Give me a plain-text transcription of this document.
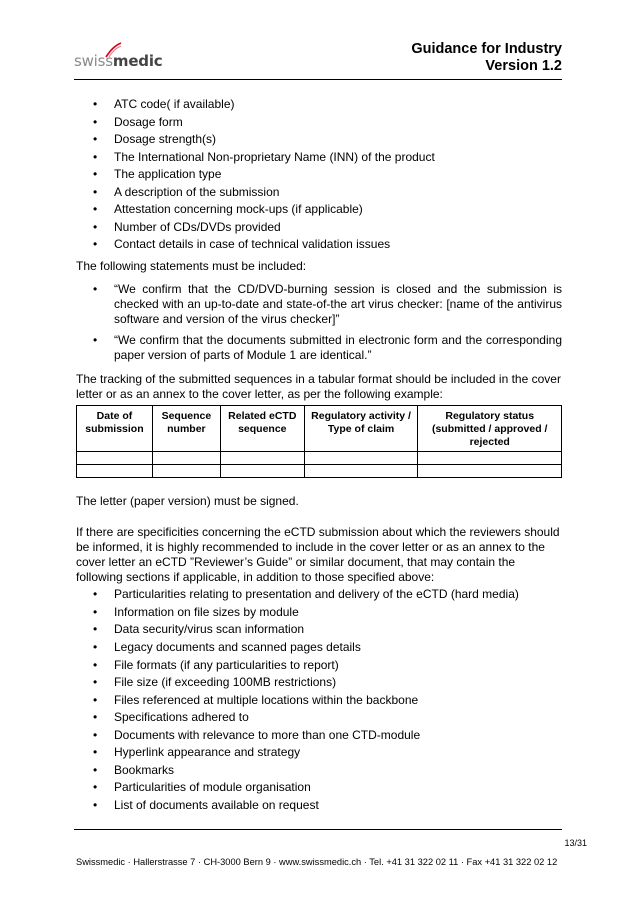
swissmedic
Guidance for Industry
Version 1.2
• ATC code( if available)
• Dosage form
• Dosage strength(s)
• The International Non-proprietary Name (INN) of the product
• The application type
• A description of the submission
• Attestation concerning mock-ups (if applicable)
• Number of CDs/DVDs provided
• Contact details in case of technical validation issues

The following statements must be included:

• “We confirm that the CD/DVD-burning session is closed and the submission is checked with an up-to-date and state-of-the art virus checker: [name of the antivirus software and version of the virus checker]”
• “We confirm that the documents submitted in electronic form and the corresponding paper version of parts of Module 1 are identical.”

The tracking of the submitted sequences in a tabular format should be included in the cover letter or as an annex to the cover letter, as per the following example:

Date of submission	Sequence number	Related eCTD sequence	Regulatory activity / Type of claim	Regulatory status (submitted / approved / rejected

The letter (paper version) must be signed.

If there are specificities concerning the eCTD submission about which the reviewers should be informed, it is highly recommended to include in the cover letter or as an annex to the cover letter an eCTD ”Reviewer’s Guide” or similar document, that may contain the following sections if applicable, in addition to those specified above:

• Particularities relating to presentation and delivery of the eCTD (hard media)
• Information on file sizes by module
• Data security/virus scan information
• Legacy documents and scanned pages details
• File formats (if any particularities to report)
• File size (if exceeding 100MB restrictions)
• Files referenced at multiple locations within the backbone
• Specifications adhered to
• Documents with relevance to more than one CTD-module
• Hyperlink appearance and strategy
• Bookmarks
• Particularities of module organisation
• List of documents available on request
13/31
Swissmedic · Hallerstrasse 7 · CH-3000 Bern 9 · www.swissmedic.ch · Tel. +41 31 322 02 11 · Fax +41 31 322 02 12
